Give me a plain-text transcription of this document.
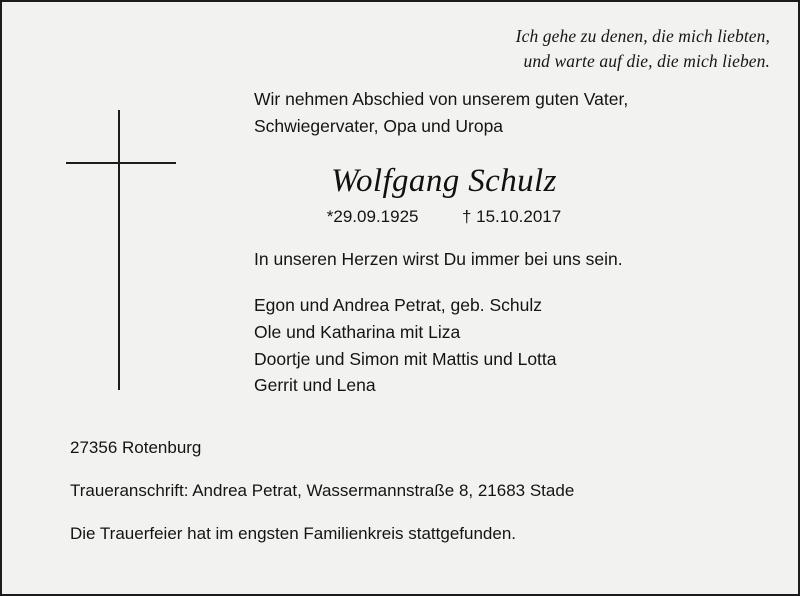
Ich gehe zu denen, die mich liebten,
und warte auf die, die mich lieben.
Wir nehmen Abschied von unserem guten Vater,
Schwiegervater, Opa und Uropa
Wolfgang Schulz
*29.09.1925	† 15.10.2017
In unseren Herzen wirst Du immer bei uns sein.
Egon und Andrea Petrat, geb. Schulz
Ole und Katharina mit Liza
Doortje und Simon mit Mattis und Lotta
Gerrit und Lena
27356 Rotenburg
Traueranschrift: Andrea Petrat, Wassermannstraße 8, 21683 Stade
Die Trauerfeier hat im engsten Familienkreis stattgefunden.
